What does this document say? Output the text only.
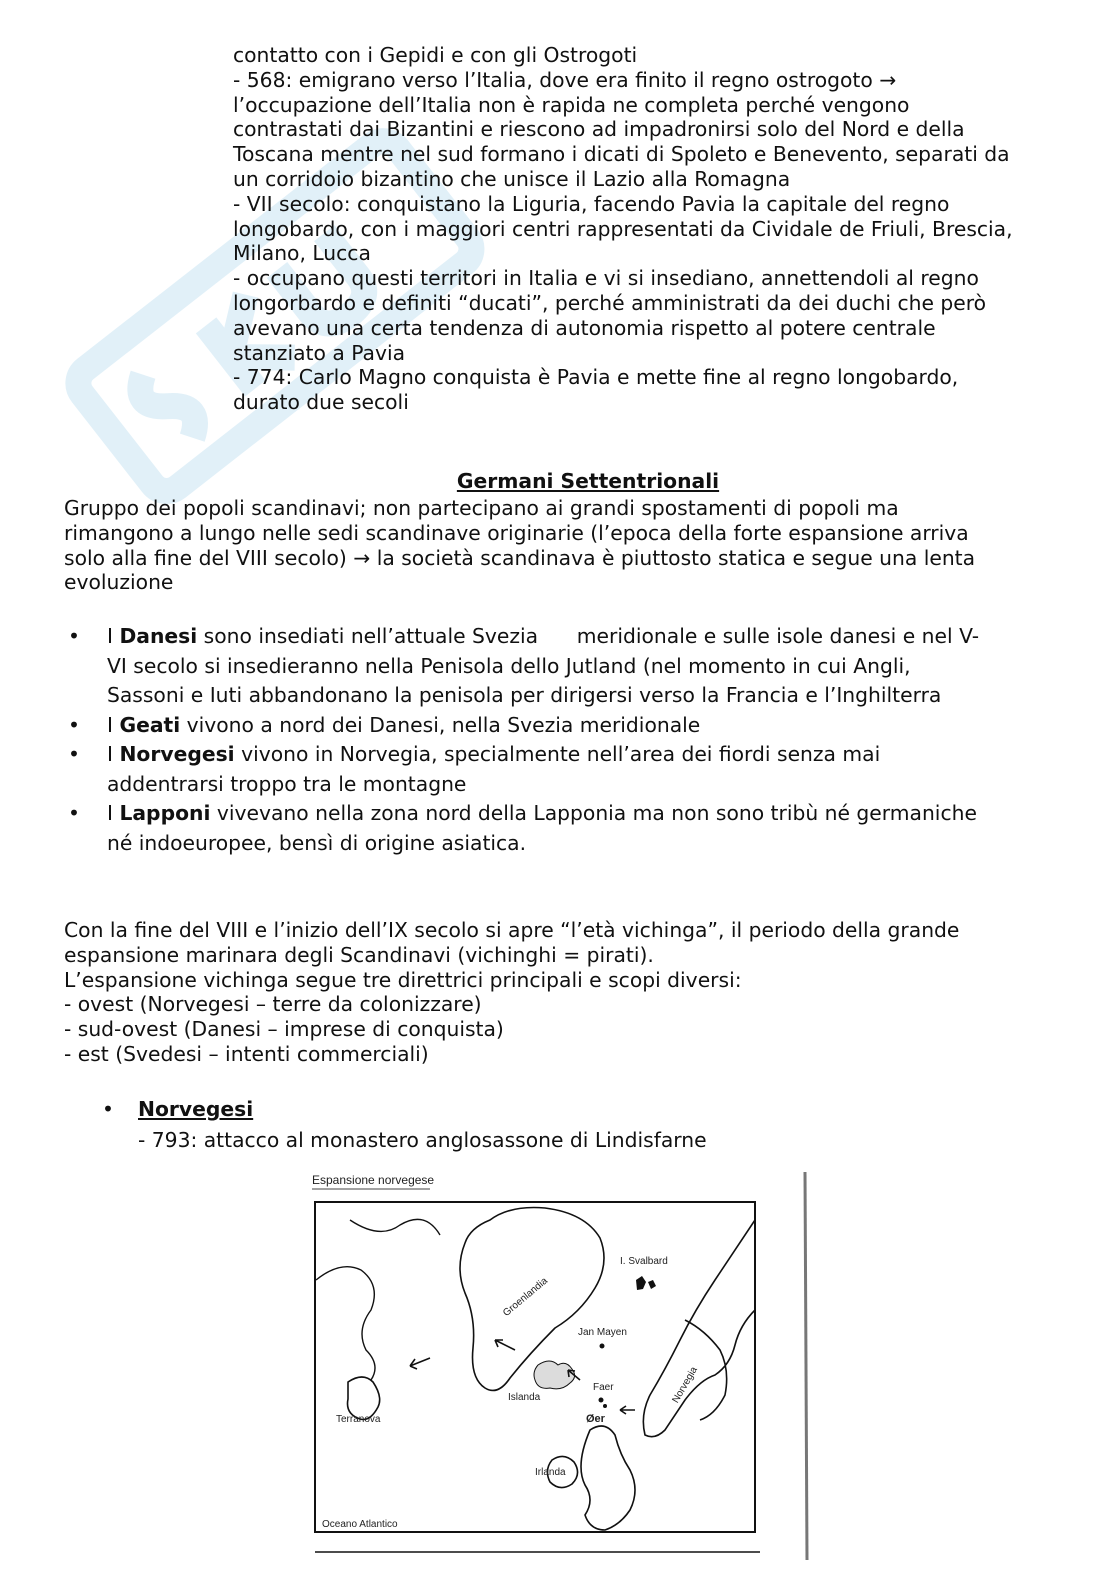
contatto con i Gepidi e con gli Ostrogoti

- 568: emigrano verso l’Italia, dove era finito il regno ostrogoto →

l’occupazione dell’Italia non è rapida ne completa perché vengono

contrastati dai Bizantini e riescono ad impadronirsi solo del Nord e della

Toscana mentre nel sud formano i dicati di Spoleto e Benevento, separati da

un corridoio bizantino che unisce il Lazio alla Romagna

- VII secolo: conquistano la Liguria, facendo Pavia la capitale del regno

longobardo, con i maggiori centri rappresentati da Cividale de Friuli, Brescia,

Milano, Lucca

- occupano questi territori in Italia e vi si insediano, annettendoli al regno

longorbardo e definiti “ducati”, perché amministrati da dei duchi che però

avevano una certa tendenza di autonomia rispetto al potere centrale

stanziato a Pavia

- 774: Carlo Magno conquista è Pavia e mette fine al regno longobardo,

durato due secoli

Germani Settentrionali

Gruppo dei popoli scandinavi; non partecipano ai grandi spostamenti di popoli ma

rimangono a lungo nelle sedi scandinave originarie (l’epoca della forte espansione arriva

solo alla fine del VIII secolo) → la società scandinava è piuttosto statica e segue una lenta

evoluzione

• I Danesi sono insediati nell’attuale Svezia      meridionale e sulle isole danesi e nel V-
VI secolo si insedieranno nella Penisola dello Jutland (nel momento in cui Angli,
Sassoni e Iuti abbandonano la penisola per dirigersi verso la Francia e l’Inghilterra
• I Geati vivono a nord dei Danesi, nella Svezia meridionale
• I Norvegesi vivono in Norvegia, specialmente nell’area dei fiordi senza mai
addentrarsi troppo tra le montagne
• I Lapponi vivevano nella zona nord della Lapponia ma non sono tribù né germaniche
né indoeuropee, bensì di origine asiatica.

Con la fine del VIII e l’inizio dell’IX secolo si apre “l’età vichinga”, il periodo della grande

espansione marinara degli Scandinavi (vichinghi = pirati).

L’espansione vichinga segue tre direttrici principali e scopi diversi:

- ovest (Norvegesi – terre da colonizzare)

- sud-ovest (Danesi – imprese di conquista)

- est (Svedesi – intenti commerciali)

• Norvegesi
- 793: attacco al monastero anglosassone di Lindisfarne
Espansione norvegese
I. Svalbard
Groenlandia
Jan Mayen
Islanda
Faer
Øer
Norvegia
Terranova
Irlanda
Oceano Atlantico
